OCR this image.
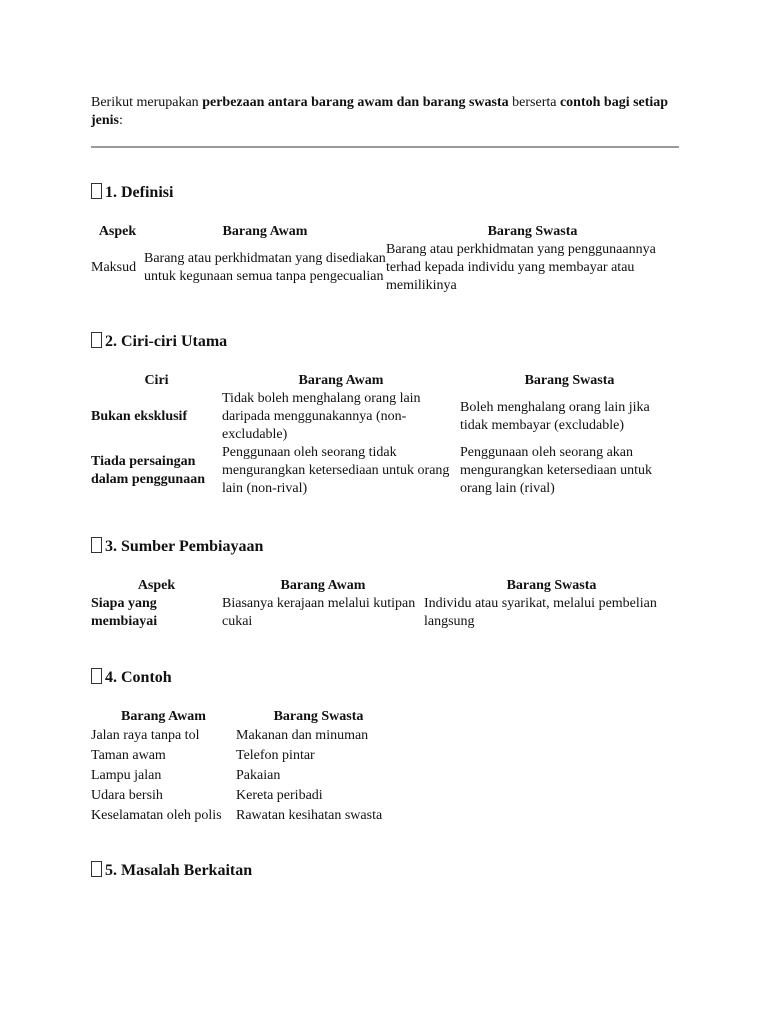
Berikut merupakan perbezaan antara barang awam dan barang swasta berserta contoh bagi setiap jenis:
1. Definisi
Aspek	Barang Awam	Barang Swasta
Maksud	Barang atau perkhidmatan yang disediakan untuk kegunaan semua tanpa pengecualian	Barang atau perkhidmatan yang penggunaannya terhad kepada individu yang membayar atau memilikinya
2. Ciri-ciri Utama
Ciri	Barang Awam	Barang Swasta
Bukan eksklusif	Tidak boleh menghalang orang lain daripada menggunakannya (non-excludable)	Boleh menghalang orang lain jika tidak membayar (excludable)
Tiada persaingan dalam penggunaan	Penggunaan oleh seorang tidak mengurangkan ketersediaan untuk orang lain (non-rival)	Penggunaan oleh seorang akan mengurangkan ketersediaan untuk orang lain (rival)
3. Sumber Pembiayaan
Aspek	Barang Awam	Barang Swasta
Siapa yang membiayai	Biasanya kerajaan melalui kutipan cukai	Individu atau syarikat, melalui pembelian langsung
4. Contoh
Barang Awam	Barang Swasta
Jalan raya tanpa tol	Makanan dan minuman
Taman awam	Telefon pintar
Lampu jalan	Pakaian
Udara bersih	Kereta peribadi
Keselamatan oleh polis	Rawatan kesihatan swasta
5. Masalah Berkaitan
